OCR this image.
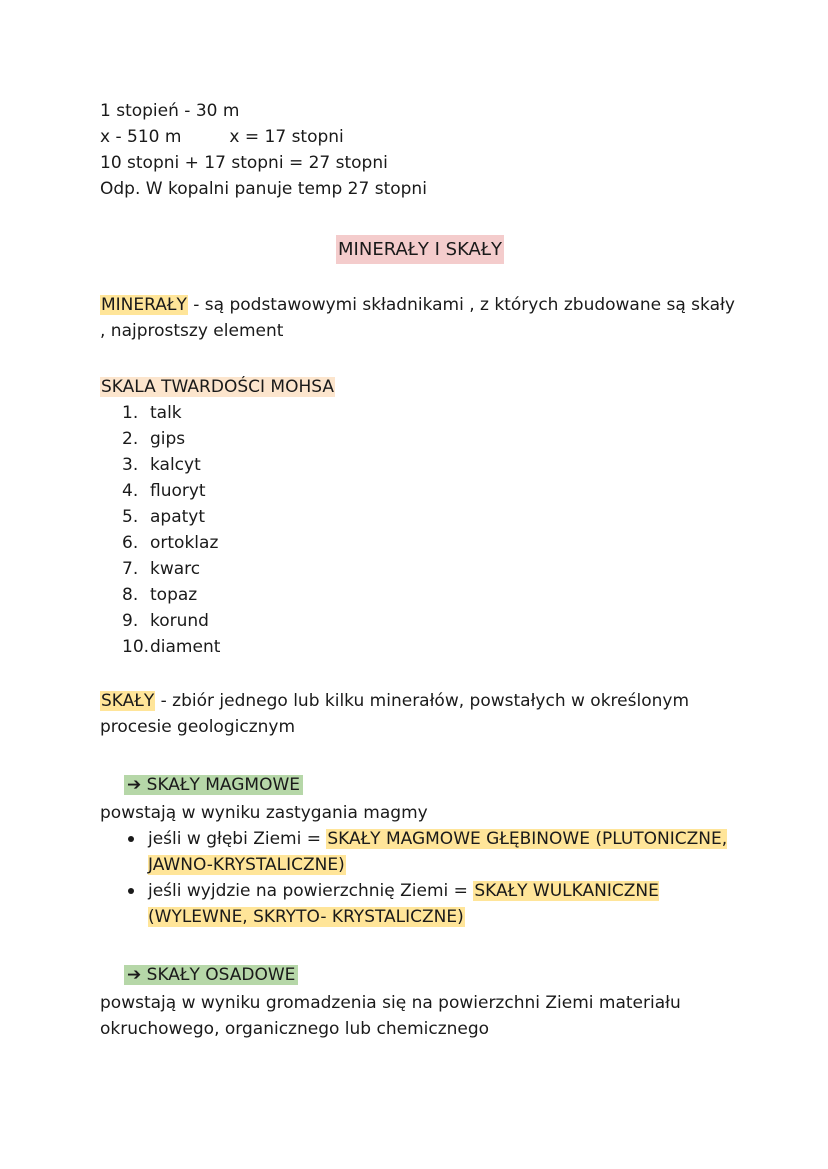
1 stopień - 30 m
x - 510 m	x = 17 stopni
10 stopni + 17 stopni = 27 stopni
Odp. W kopalni panuje temp 27 stopni
MINERAŁY I SKAŁY
MINERAŁY - są podstawowymi składnikami , z których zbudowane są skały , najprostszy element
SKALA TWARDOŚCI MOHSA
1. talk
2. gips
3. kalcyt
4. fluoryt
5. apatyt
6. ortoklaz
7. kwarc
8. topaz
9. korund
10.diament
SKAŁY - zbiór jednego lub kilku minerałów, powstałych w określonym procesie geologicznym
➔ SKAŁY MAGMOWE
powstają w wyniku zastygania magmy
jeśli w głębi Ziemi = SKAŁY MAGMOWE GŁĘBINOWE (PLUTONICZNE, JAWNO-KRYSTALICZNE)
jeśli wyjdzie na powierzchnię Ziemi = SKAŁY WULKANICZNE (WYLEWNE, SKRYTO- KRYSTALICZNE)
➔ SKAŁY OSADOWE
powstają w wyniku gromadzenia się na powierzchni Ziemi materiału okruchowego, organicznego lub chemicznego
